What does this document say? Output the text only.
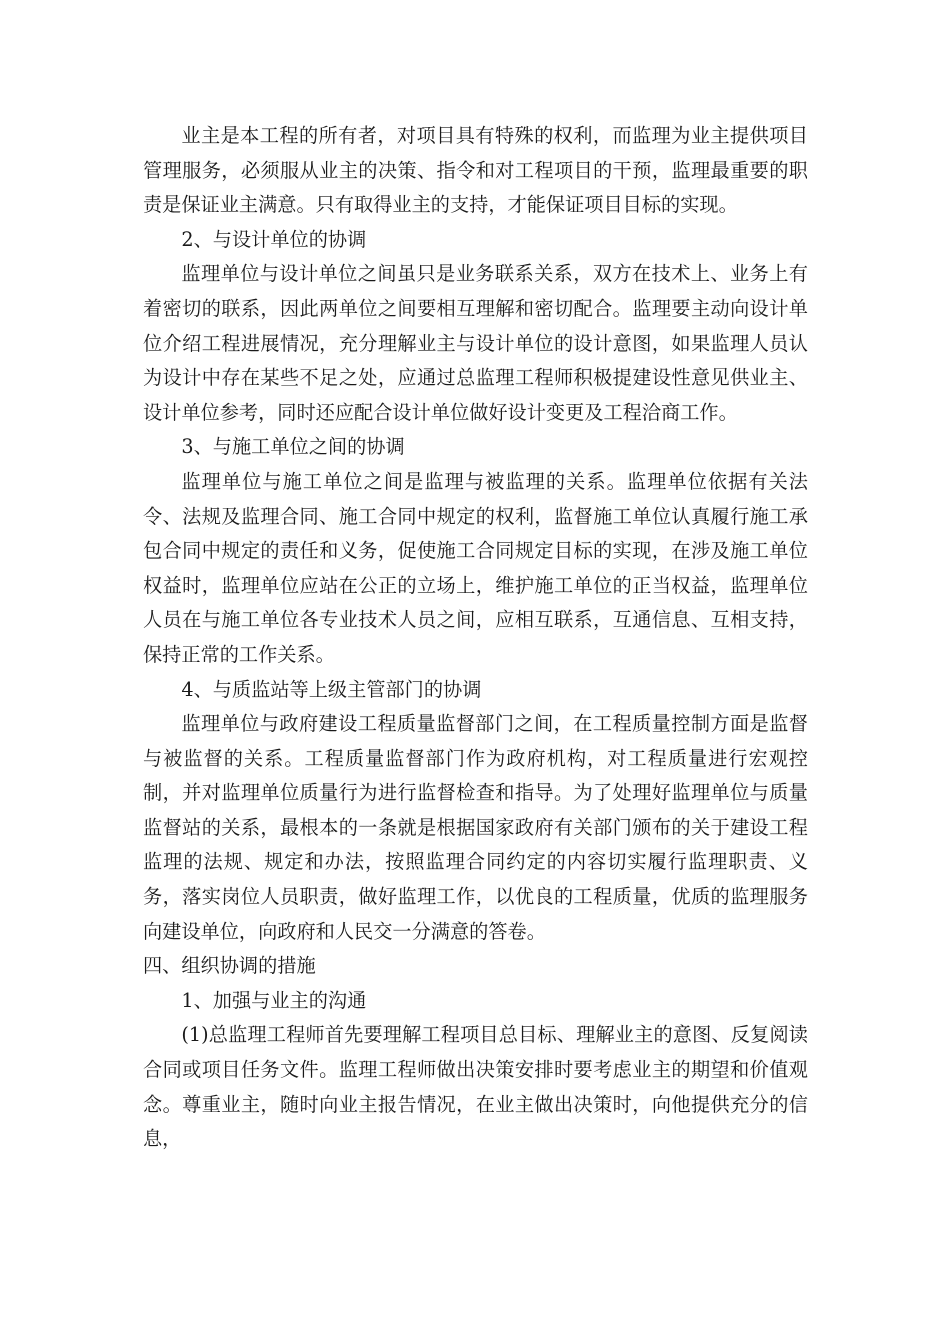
业主是本工程的所有者，对项目具有特殊的权利，而监理为业主提供项目管理服务，必须服从业主的决策、指令和对工程项目的干预，监理最重要的职责是保证业主满意。只有取得业主的支持，才能保证项目目标的实现。

2、与设计单位的协调

监理单位与设计单位之间虽只是业务联系关系，双方在技术上、业务上有着密切的联系，因此两单位之间要相互理解和密切配合。监理要主动向设计单位介绍工程进展情况，充分理解业主与设计单位的设计意图，如果监理人员认为设计中存在某些不足之处，应通过总监理工程师积极提建设性意见供业主、设计单位参考，同时还应配合设计单位做好设计变更及工程洽商工作。

3、与施工单位之间的协调

监理单位与施工单位之间是监理与被监理的关系。监理单位依据有关法令、法规及监理合同、施工合同中规定的权利，监督施工单位认真履行施工承包合同中规定的责任和义务，促使施工合同规定目标的实现，在涉及施工单位权益时，监理单位应站在公正的立场上，维护施工单位的正当权益，监理单位人员在与施工单位各专业技术人员之间，应相互联系，互通信息、互相支持，保持正常的工作关系。

4、与质监站等上级主管部门的协调

监理单位与政府建设工程质量监督部门之间，在工程质量控制方面是监督与被监督的关系。工程质量监督部门作为政府机构，对工程质量进行宏观控制，并对监理单位质量行为进行监督检查和指导。为了处理好监理单位与质量监督站的关系，最根本的一条就是根据国家政府有关部门颁布的关于建设工程监理的法规、规定和办法，按照监理合同约定的内容切实履行监理职责、义务，落实岗位人员职责，做好监理工作，以优良的工程质量，优质的监理服务向建设单位，向政府和人民交一分满意的答卷。

四、组织协调的措施

1、加强与业主的沟通

(1)总监理工程师首先要理解工程项目总目标、理解业主的意图、反复阅读合同或项目任务文件。监理工程师做出决策安排时要考虑业主的期望和价值观念。尊重业主，随时向业主报告情况，在业主做出决策时，向他提供充分的信息，
